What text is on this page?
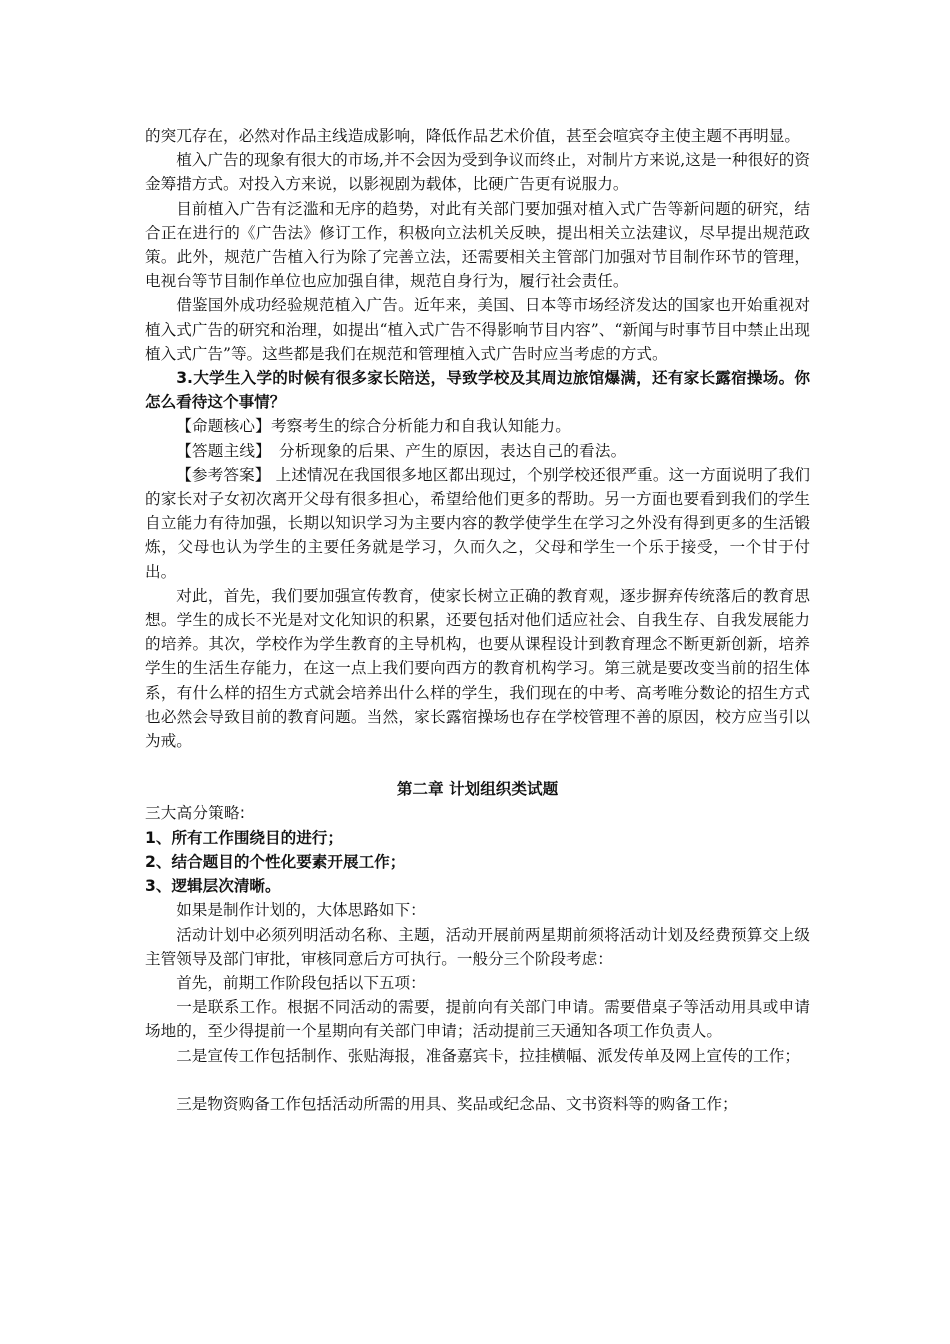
的突兀存在，必然对作品主线造成影响，降低作品艺术价值，甚至会喧宾夺主使主题不再明显。

植入广告的现象有很大的市场,并不会因为受到争议而终止，对制片方来说,这是一种很好的资金筹措方式。对投入方来说，以影视剧为载体，比硬广告更有说服力。

目前植入广告有泛滥和无序的趋势，对此有关部门要加强对植入式广告等新问题的研究，结合正在进行的《广告法》修订工作，积极向立法机关反映，提出相关立法建议，尽早提出规范政策。此外，规范广告植入行为除了完善立法，还需要相关主管部门加强对节目制作环节的管理，电视台等节目制作单位也应加强自律，规范自身行为，履行社会责任。

借鉴国外成功经验规范植入广告。近年来，美国、日本等市场经济发达的国家也开始重视对植入式广告的研究和治理，如提出“植入式广告不得影响节目内容”、“新闻与时事节目中禁止出现植入式广告”等。这些都是我们在规范和管理植入式广告时应当考虑的方式。

3.大学生入学的时候有很多家长陪送，导致学校及其周边旅馆爆满，还有家长露宿操场。你怎么看待这个事情？

【命题核心】考察考生的综合分析能力和自我认知能力。

【答题主线】　分析现象的后果、产生的原因，表达自己的看法。

【参考答案】 上述情况在我国很多地区都出现过，个别学校还很严重。这一方面说明了我们的家长对子女初次离开父母有很多担心，希望给他们更多的帮助。另一方面也要看到我们的学生自立能力有待加强，长期以知识学习为主要内容的教学使学生在学习之外没有得到更多的生活锻炼，父母也认为学生的主要任务就是学习，久而久之，父母和学生一个乐于接受，一个甘于付出。

对此，首先，我们要加强宣传教育，使家长树立正确的教育观，逐步摒弃传统落后的教育思想。学生的成长不光是对文化知识的积累，还要包括对他们适应社会、自我生存、自我发展能力的培养。其次，学校作为学生教育的主导机构，也要从课程设计到教育理念不断更新创新，培养学生的生活生存能力，在这一点上我们要向西方的教育机构学习。第三就是要改变当前的招生体系，有什么样的招生方式就会培养出什么样的学生，我们现在的中考、高考唯分数论的招生方式也必然会导致目前的教育问题。当然，家长露宿操场也存在学校管理不善的原因，校方应当引以为戒。

第二章 计划组织类试题

三大高分策略:

1、所有工作围绕目的进行；

2、结合题目的个性化要素开展工作；

3、逻辑层次清晰。

如果是制作计划的，大体思路如下：

活动计划中必须列明活动名称、主题，活动开展前两星期前须将活动计划及经费预算交上级主管领导及部门审批，审核同意后方可执行。一般分三个阶段考虑：

首先，前期工作阶段包括以下五项：

一是联系工作。根据不同活动的需要，提前向有关部门申请。需要借桌子等活动用具或申请场地的，至少得提前一个星期向有关部门申请；活动提前三天通知各项工作负责人。

二是宣传工作包括制作、张贴海报，准备嘉宾卡，拉挂横幅、派发传单及网上宣传的工作；

三是物资购备工作包括活动所需的用具、奖品或纪念品、文书资料等的购备工作；
